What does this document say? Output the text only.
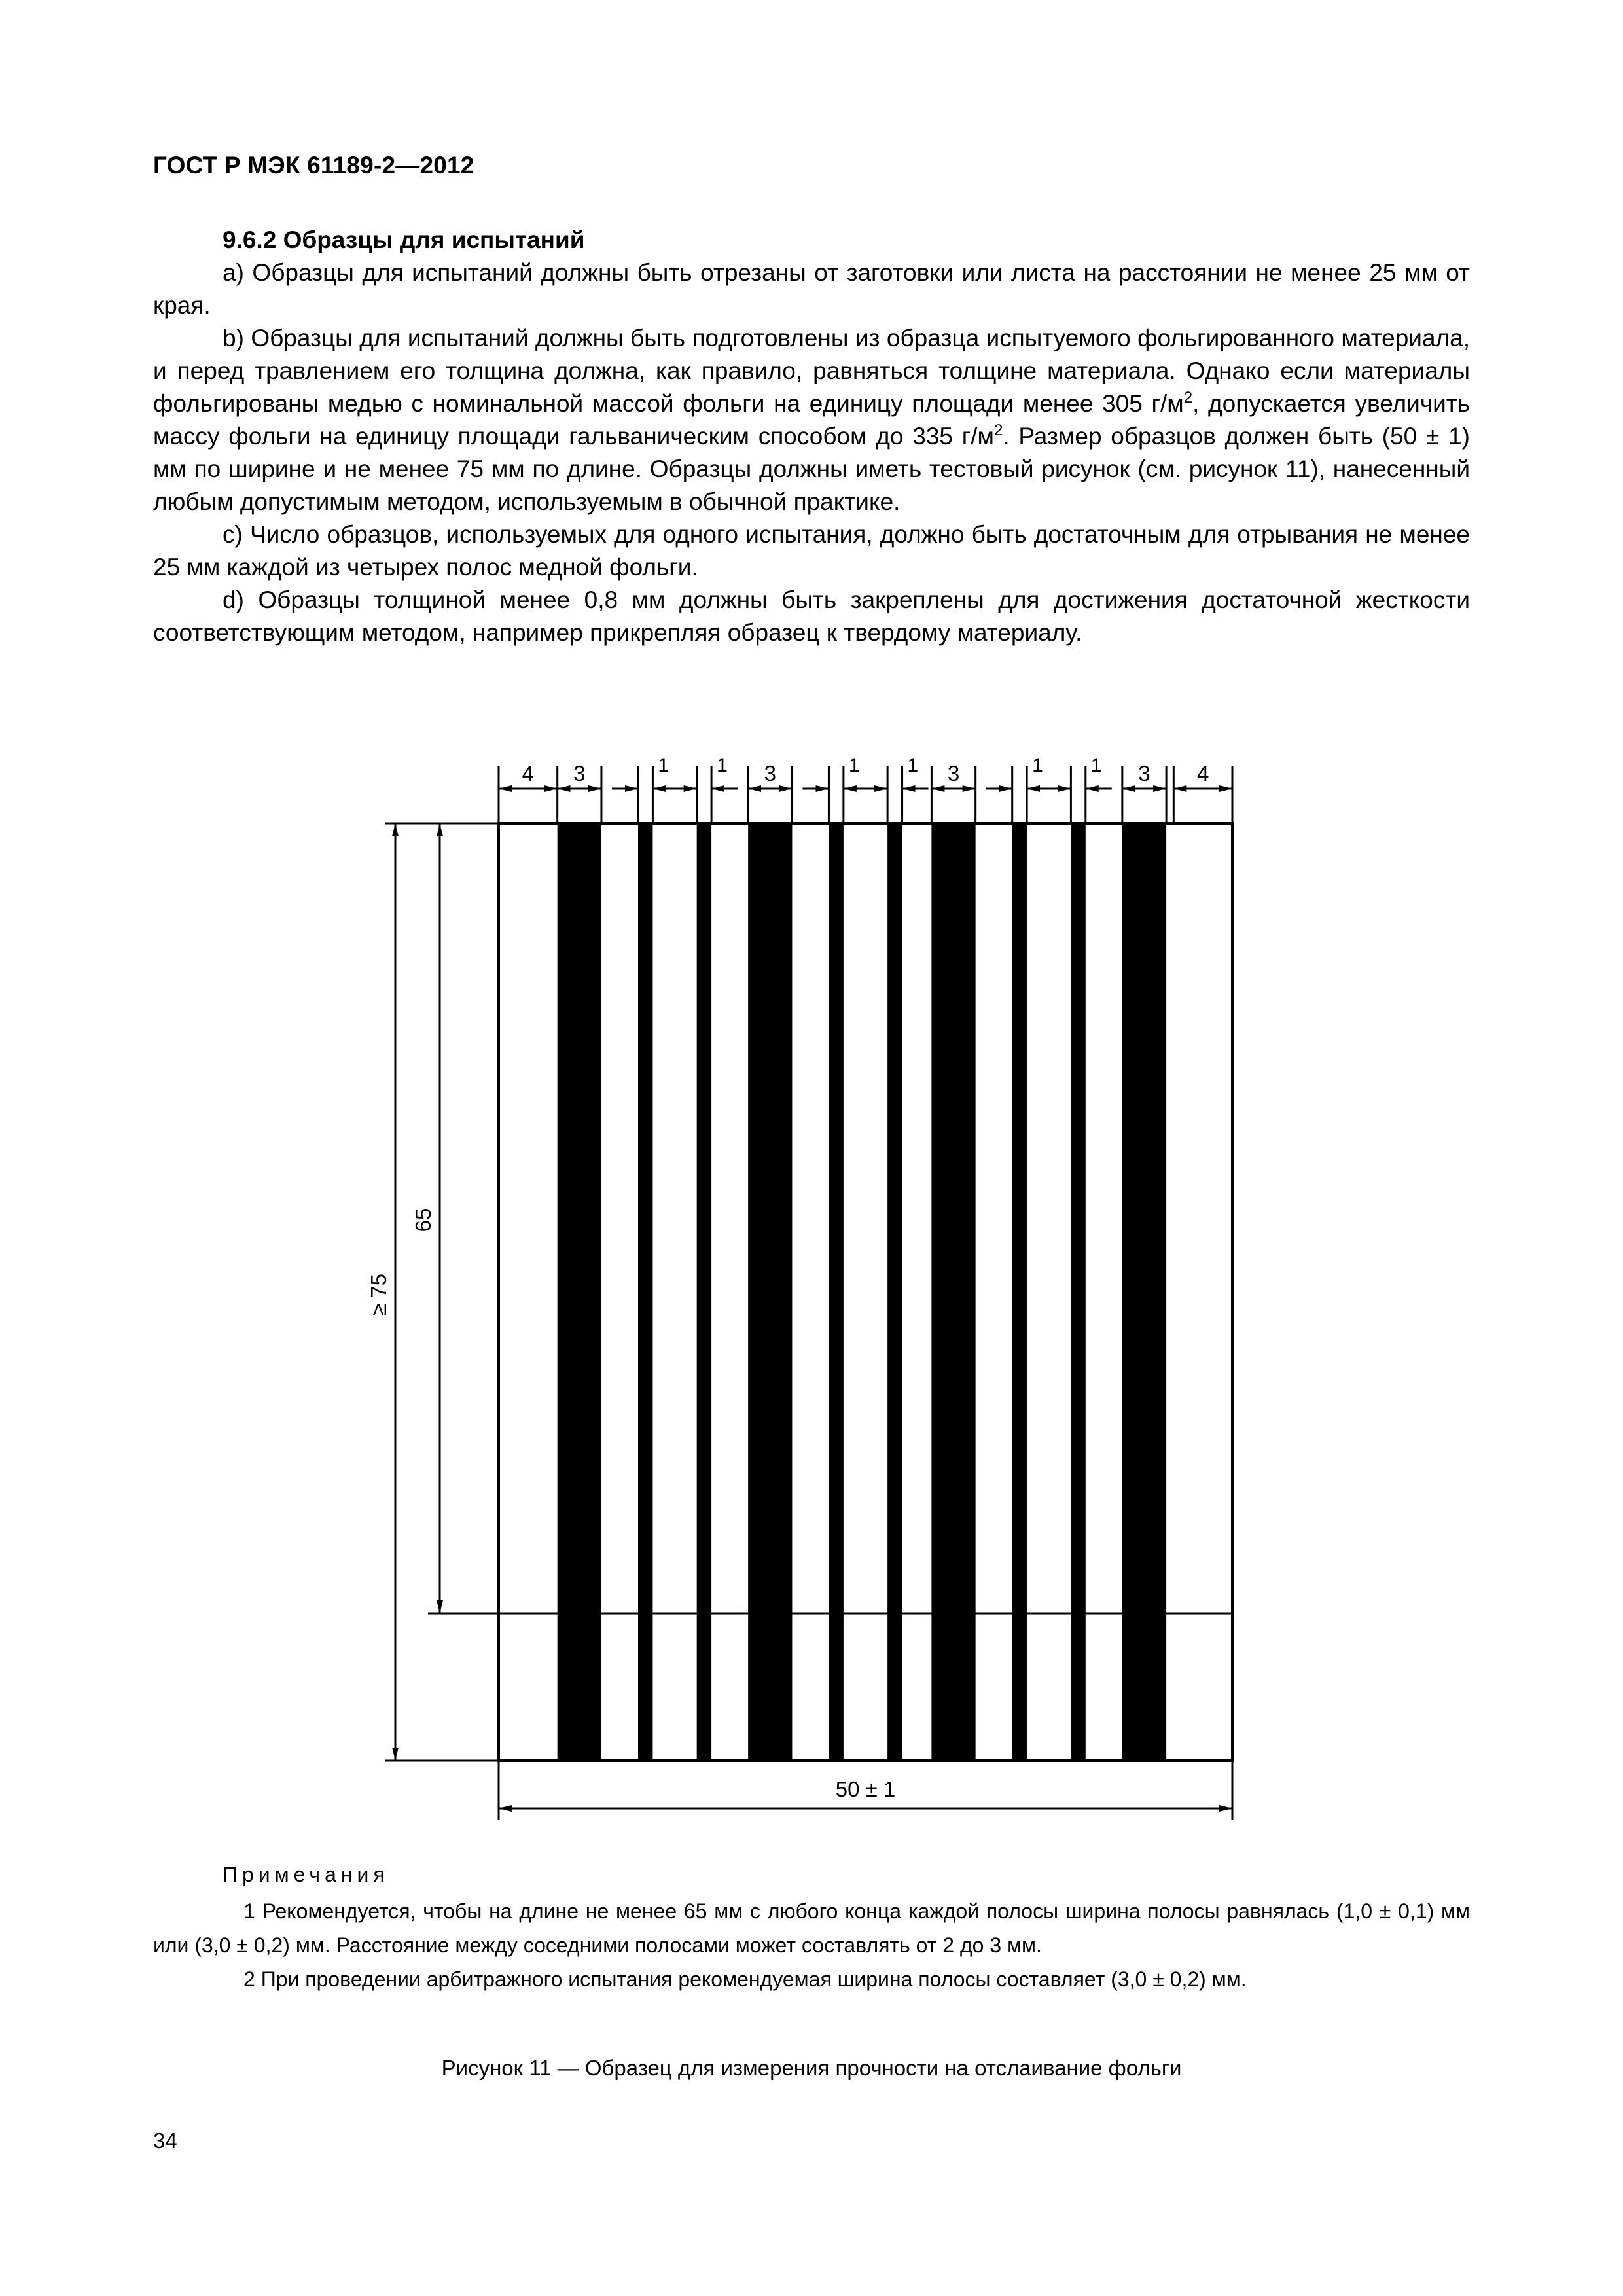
ГОСТ Р МЭК 61189-2—2012

9.6.2 Образцы для испытаний

a) Образцы для испытаний должны быть отрезаны от заготовки или листа на расстоянии не менее 25 мм от края.

b) Образцы для испытаний должны быть подготовлены из образца испытуемого фольгированного материала, и перед травлением его толщина должна, как правило, равняться толщине материала. Однако если материалы фольгированы медью с номинальной массой фольги на единицу площади менее 305 $г/м^2$, допускается увеличить массу фольги на единицу площади гальваническим способом до 335 $г/м^2$. Размер образцов должен быть (50 ± 1) мм по ширине и не менее 75 мм по длине. Образцы должны иметь тестовый рисунок (см. рисунок 11), нанесенный любым допустимым методом, используемым в обычной практике.

c) Число образцов, используемых для одного испытания, должно быть достаточным для отрывания не менее 25 мм каждой из четырех полос медной фольги.

d) Образцы толщиной менее 0,8 мм должны быть закреплены для достижения достаточной жесткости соответствующим методом, например прикрепляя образец к твердому материалу.

4 3	1 1 3	1 1 3	1 1 3 4
50 ± 1
≥ 75
65

Примечания

1 Рекомендуется, чтобы на длине не менее 65 мм с любого конца каждой полосы ширина полосы равнялась (1,0 ± 0,1) мм или (3,0 ± 0,2) мм. Расстояние между соседними полосами может составлять от 2 до 3 мм.

2 При проведении арбитражного испытания рекомендуемая ширина полосы составляет (3,0 ± 0,2) мм.

Рисунок 11 — Образец для измерения прочности на отслаивание фольги
34
